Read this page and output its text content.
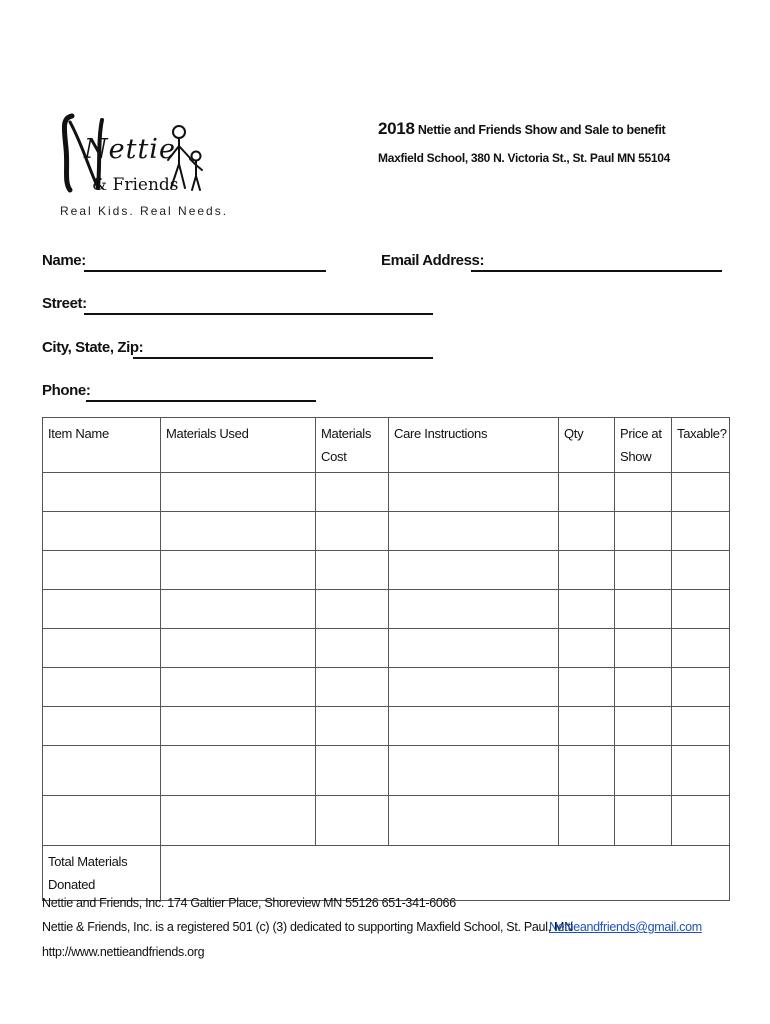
Nettie
& Friends
Real Kids. Real Needs.
2018 Nettie and Friends Show and Sale to benefit
Maxfield School, 380 N. Victoria St., St. Paul MN 55104
Name:	Email Address:
Street:
City, State, Zip:
Phone:
Item Name	Materials Used	Materials Cost	Care Instructions	Qty	Price at Show	Taxable?

Total Materials Donated						
Nettie and Friends, Inc. 174 Galtier Place, Shoreview MN 55126 651-341-6066
Nettie & Friends, Inc. is a registered 501 (c) (3) dedicated to supporting Maxfield School, St. Paul, MN
Nettieandfriends@gmail.com
http://www.nettieandfriends.org
